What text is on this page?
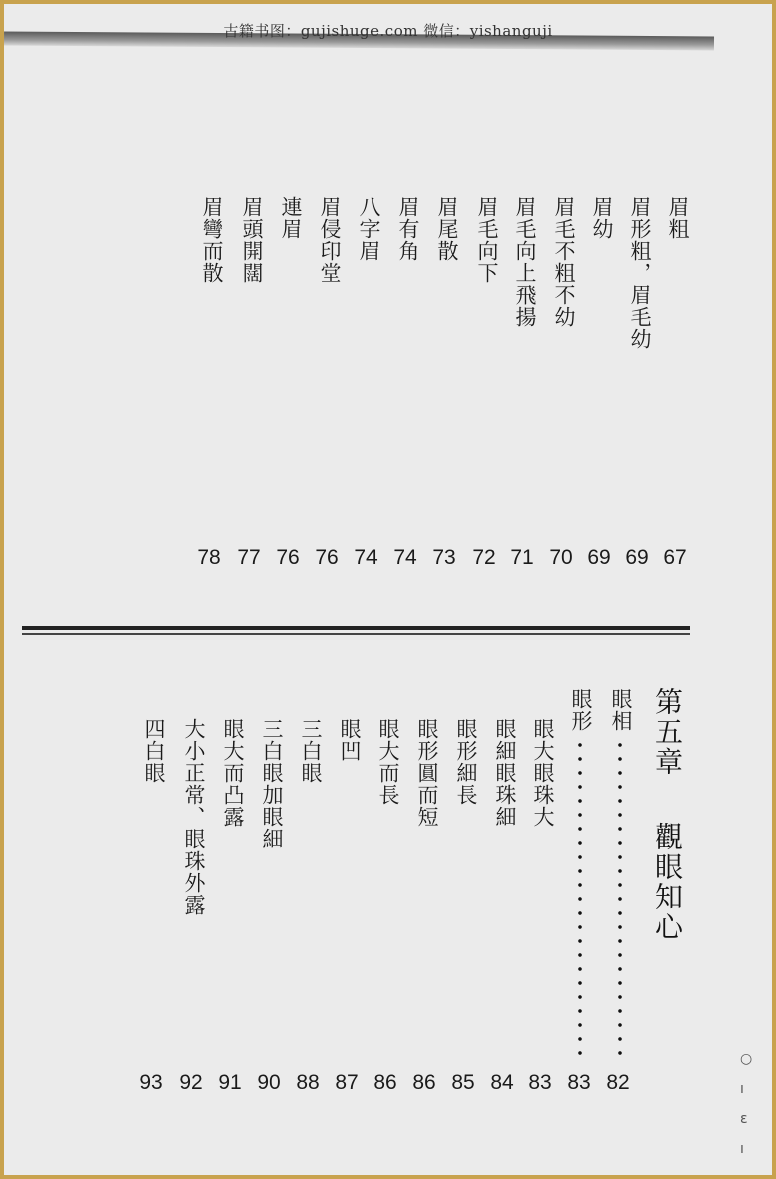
古籍书图：gujishuge.com 微信：yishanguji
眉粗
眉形粗，眉毛幼
眉幼
眉毛不粗不幼
眉毛向上飛揚
眉毛向下
眉尾散
眉有角
八字眉
眉侵印堂
連眉
眉頭開闊
眉彎而散
67
69
69
70
71
72
73
74
74
76
76
77
78
第五章
觀眼知心
眼相
眼形
眼大眼珠大
眼細眼珠細
眼形細長
眼形圓而短
眼大而長
眼凹
三白眼
三白眼加眼細
眼大而凸露
大小正常、眼珠外露
四白眼
82
83
83
84
85
86
86
87
88
90
91
92
93
○
ı
ɛ
ı
